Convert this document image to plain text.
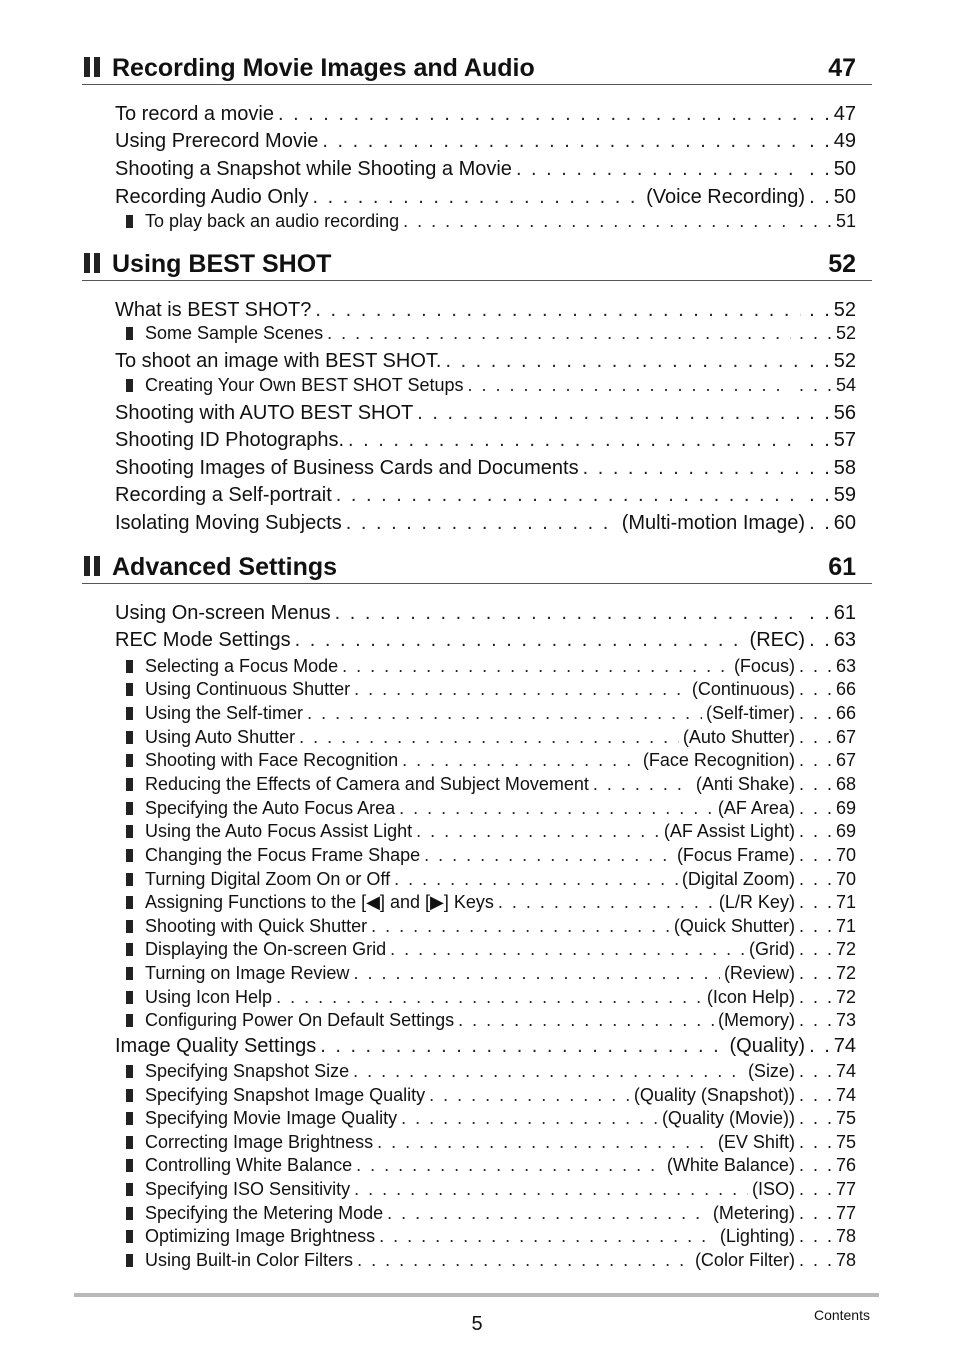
Recording Movie Images and Audio	47
To record a movie . . .	. . 47
Using Prerecord Movie . . .	. . 49
Shooting a Snapshot while Shooting a Movie . . .	. . 50
Recording Audio Only . . .	(Voice Recording) . . 50
To play back an audio recording . . .	. . . 51
Using BEST SHOT	52
What is BEST SHOT? . . .	. . 52
Some Sample Scenes . . .	. . . 52
To shoot an image with BEST SHOT. . . .	. . 52
Creating Your Own BEST SHOT Setups . . .	. . . 54
Shooting with AUTO BEST SHOT . . .	. . 56
Shooting ID Photographs. . . .	. . 57
Shooting Images of Business Cards and Documents . . .	. . 58
Recording a Self-portrait . . .	. . 59
Isolating Moving Subjects . . .	(Multi-motion Image) . . 60
Advanced Settings	61
Using On-screen Menus . . .	. . 61
REC Mode Settings . . .	(REC) . . 63
Selecting a Focus Mode . . .	(Focus) . . . 63
Using Continuous Shutter . . .	(Continuous) . . . 66
Using the Self-timer . . .	(Self-timer) . . . 66
Using Auto Shutter . . .	(Auto Shutter) . . . 67
Shooting with Face Recognition . . .	(Face Recognition) . . . 67
Reducing the Effects of Camera and Subject Movement . . .	(Anti Shake) . . . 68
Specifying the Auto Focus Area . . .	(AF Area) . . . 69
Using the Auto Focus Assist Light . . .	(AF Assist Light) . . . 69
Changing the Focus Frame Shape . . .	(Focus Frame) . . . 70
Turning Digital Zoom On or Off . . .	(Digital Zoom) . . . 70
Assigning Functions to the [◀] and [▶] Keys . . .	(L/R Key) . . . 71
Shooting with Quick Shutter . . .	(Quick Shutter) . . . 71
Displaying the On-screen Grid . . .	(Grid) . . . 72
Turning on Image Review . . .	(Review) . . . 72
Using Icon Help . . .	(Icon Help) . . . 72
Configuring Power On Default Settings . . .	(Memory) . . . 73
Image Quality Settings . . .	(Quality) . . 74
Specifying Snapshot Size . . .	(Size) . . . 74
Specifying Snapshot Image Quality . . .	(Quality (Snapshot)) . . . 74
Specifying Movie Image Quality . . .	(Quality (Movie)) . . . 75
Correcting Image Brightness . . .	(EV Shift) . . . 75
Controlling White Balance . . .	(White Balance) . . . 76
Specifying ISO Sensitivity . . .	(ISO) . . . 77
Specifying the Metering Mode . . .	(Metering) . . . 77
Optimizing Image Brightness . . .	(Lighting) . . . 78
Using Built-in Color Filters . . .	(Color Filter) . . . 78
5	Contents
